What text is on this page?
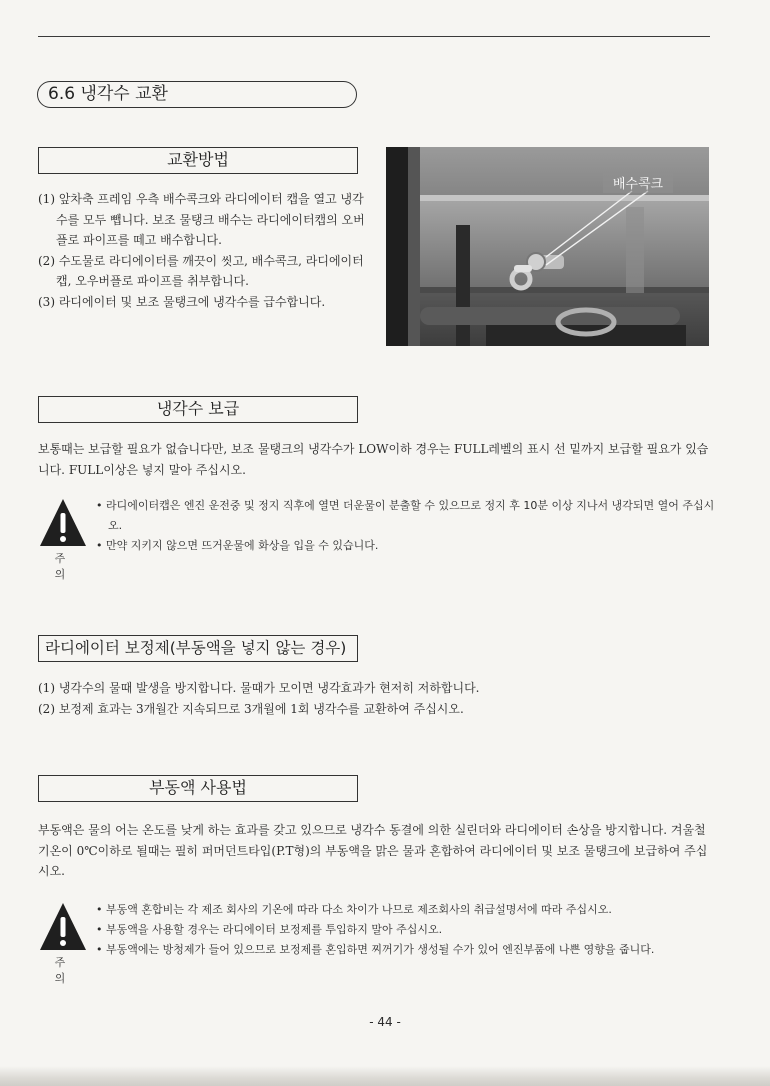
6.6 냉각수 교환
교환방법
(1) 앞차축 프레임 우측 배수콕크와 라디에이터 캡을 열고 냉각수를 모두 뺍니다. 보조 물탱크 배수는 라디에이터캡의 오버플로 파이프를 떼고 배수합니다.
(2) 수도물로 라디에이터를 깨끗이 씻고, 배수콕크, 라디에이터 캡, 오우버플로 파이프를 취부합니다.
(3) 라디에이터 및 보조 물탱크에 냉각수를 급수합니다.
배수콕크
냉각수 보급
보통때는 보급할 필요가 없습니다만, 보조 물탱크의 냉각수가 LOW이하 경우는 FULL레벨의 표시 선 밑까지 보급할 필요가 있습니다. FULL이상은 넣지 말아 주십시오.
주 의
• 라디에이터캡은 엔진 운전중 및 정지 직후에 열면 더운물이 분출할 수 있으므로 정지 후 10분 이상 지나서 냉각되면 열어 주십시오.
• 만약 지키지 않으면 뜨거운물에 화상을 입을 수 있습니다.
라디에이터 보정제(부동액을 넣지 않는 경우)
(1) 냉각수의 물때 발생을 방지합니다. 물때가 모이면 냉각효과가 현저히 저하합니다.
(2) 보정제 효과는 3개월간 지속되므로 3개월에 1회 냉각수를 교환하여 주십시오.
부동액 사용법
부동액은 물의 어는 온도를 낮게 하는 효과를 갖고 있으므로 냉각수 동결에 의한 실린더와 라디에이터 손상을 방지합니다. 겨울철 기온이 0℃이하로 될때는 필히 퍼머던트타입(P.T형)의 부동액을 맑은 물과 혼합하여 라디에이터 및 보조 물탱크에 보급하여 주십시오.
주 의
• 부동액 혼합비는 각 제조 회사의 기온에 따라 다소 차이가 나므로 제조회사의 취급설명서에 따라 주십시오.
• 부동액을 사용할 경우는 라디에이터 보정제를 투입하지 말아 주십시오.
• 부동액에는 방청제가 들어 있으므로 보정제를 혼입하면 찌꺼기가 생성될 수가 있어 엔진부품에 나쁜 영향을 줍니다.
- 44 -
